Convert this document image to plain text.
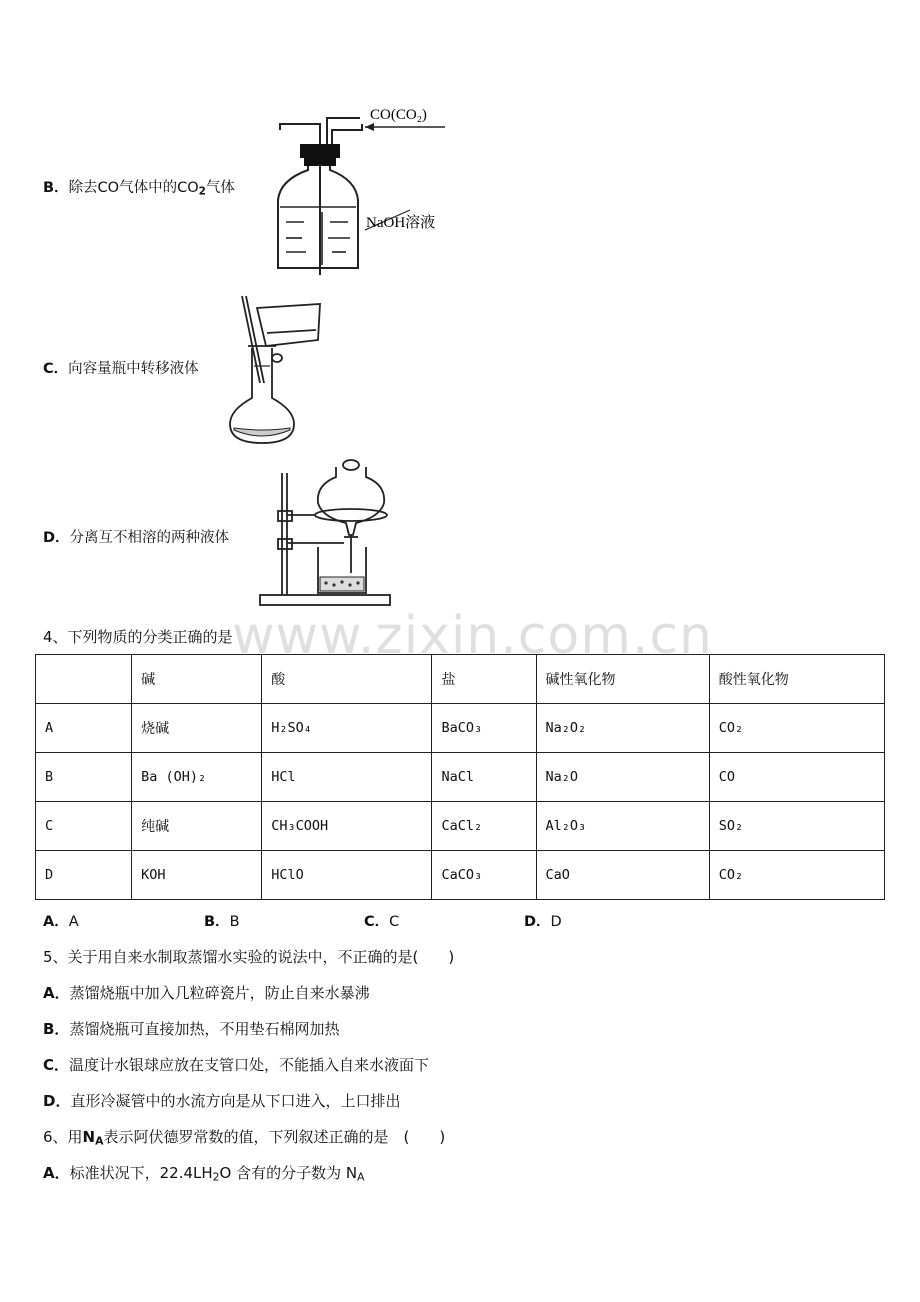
www.zixin.com.cn
B．除去CO气体中的$CO_2$气体
CO(CO₂)
NaOH溶液
C．向容量瓶中转移液体
D．分离互不相溶的两种液体
4、下列物质的分类正确的是
	碱	酸	盐	碱性氧化物	酸性氧化物
A	烧碱	H₂SO₄	BaCO₃	Na₂O₂	CO₂
B	Ba (OH)₂	HCl	NaCl	Na₂O	CO
C	纯碱	CH₃COOH	CaCl₂	Al₂O₃	SO₂
D	KOH	HClO	CaCO₃	CaO	CO₂
A．A	B．B	C．C	D．D
5、关于用自来水制取蒸馏水实验的说法中，不正确的是(　　)
A．蒸馏烧瓶中加入几粒碎瓷片，防止自来水暴沸
B．蒸馏烧瓶可直接加热，不用垫石棉网加热
C．温度计水银球应放在支管口处，不能插入自来水液面下
D．直形冷凝管中的水流方向是从下口进入，上口排出
6、用$N_A$表示阿伏德罗常数的值，下列叙述正确的是　(　　)
A．标准状况下，$22.4LH_2O$ 含有的分子数为 $N_A$
